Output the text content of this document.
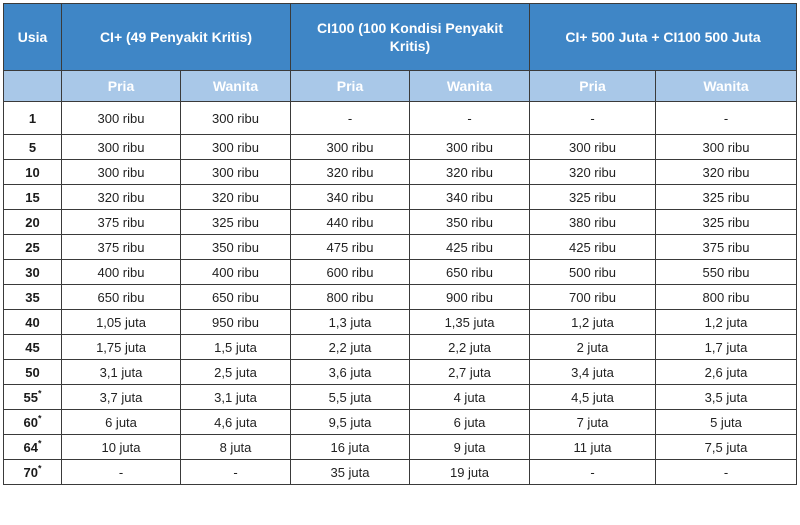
Usia	CI+ (49 Penyakit Kritis)		CI100 (100 Kondisi Penyakit Kritis)		CI+ 500 Juta + CI100 500 Juta	
	Pria	Wanita	Pria	Wanita	Pria	Wanita
1	300 ribu	300 ribu	-	-	-	-
5	300 ribu	300 ribu	300 ribu	300 ribu	300 ribu	300 ribu
10	300 ribu	300 ribu	320 ribu	320 ribu	320 ribu	320 ribu
15	320 ribu	320 ribu	340 ribu	340 ribu	325 ribu	325 ribu
20	375 ribu	325 ribu	440 ribu	350 ribu	380 ribu	325 ribu
25	375 ribu	350 ribu	475 ribu	425 ribu	425 ribu	375 ribu
30	400 ribu	400 ribu	600 ribu	650 ribu	500 ribu	550 ribu
35	650 ribu	650 ribu	800 ribu	900 ribu	700 ribu	800 ribu
40	1,05 juta	950 ribu	1,3 juta	1,35 juta	1,2 juta	1,2 juta
45	1,75 juta	1,5 juta	2,2 juta	2,2 juta	2 juta	1,7 juta
50	3,1 juta	2,5 juta	3,6 juta	2,7 juta	3,4 juta	2,6 juta
55*	3,7 juta	3,1 juta	5,5 juta	4 juta	4,5 juta	3,5 juta
60*	6 juta	4,6 juta	9,5 juta	6 juta	7 juta	5 juta
64*	10 juta	8 juta	16 juta	9 juta	11 juta	7,5 juta
70*	-	-	35 juta	19 juta	-	-
